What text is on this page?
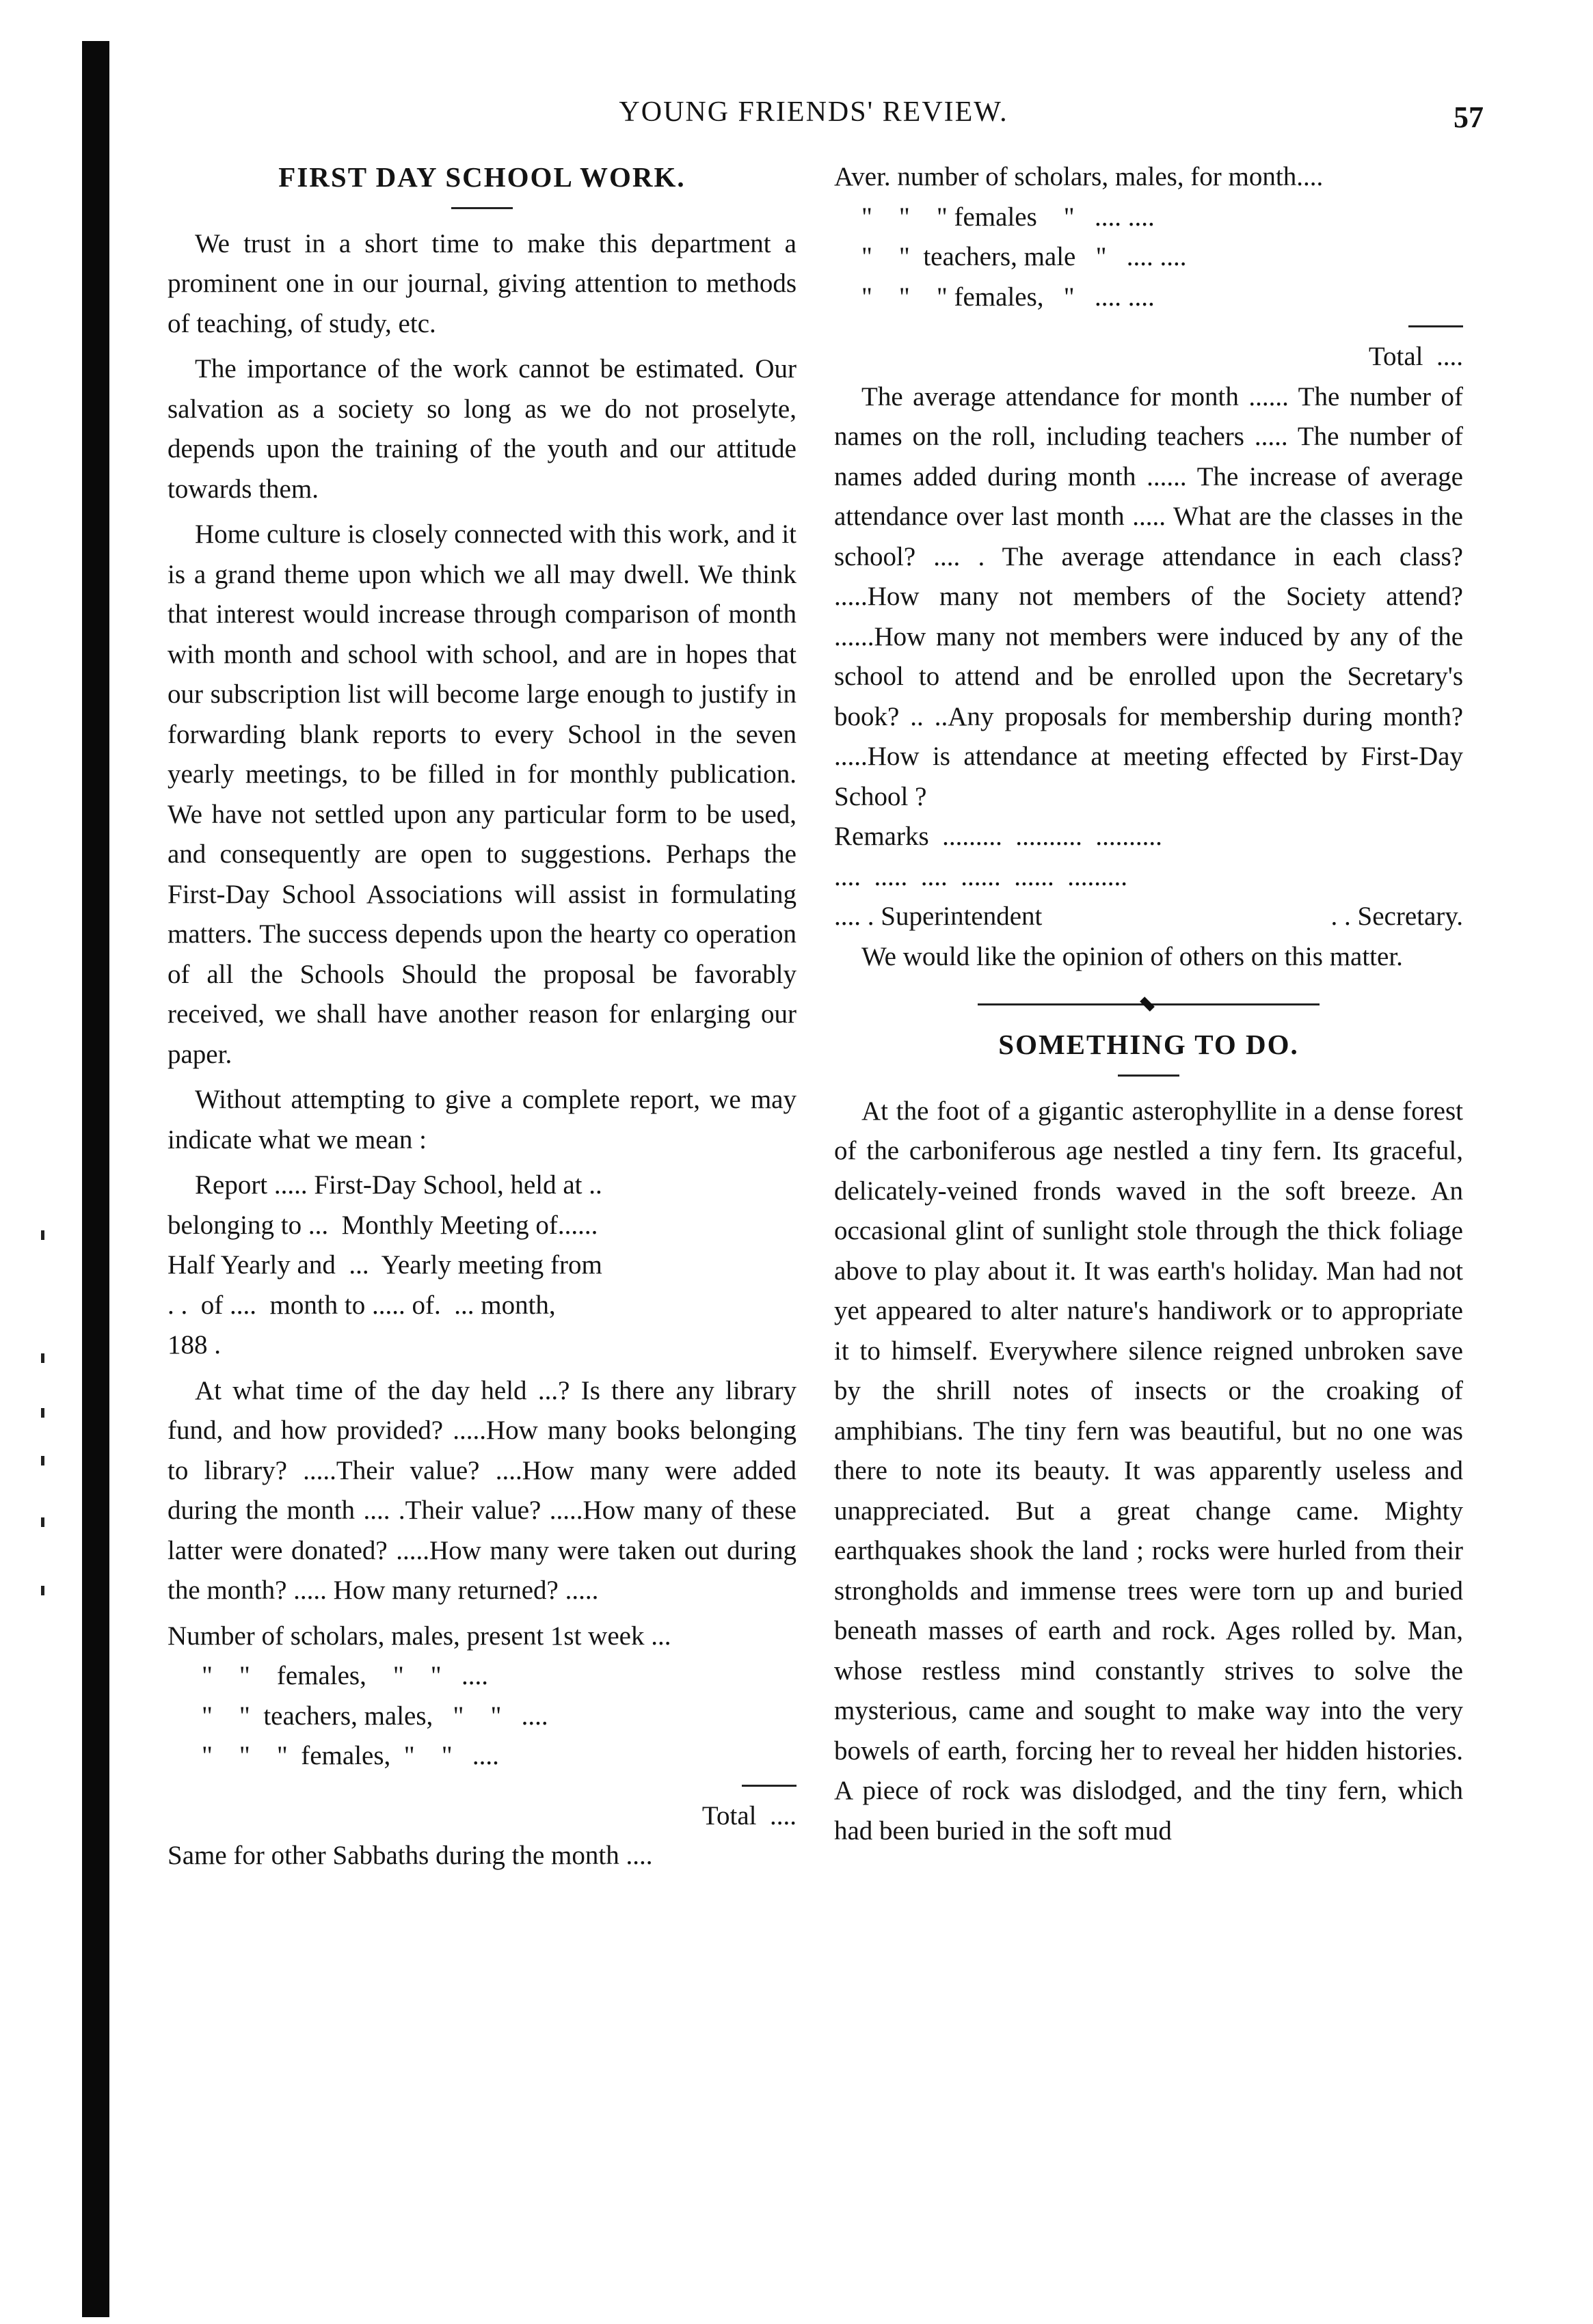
YOUNG FRIENDS' REVIEW.	57
FIRST DAY SCHOOL WORK.

We trust in a short time to make this department a prominent one in our journal, giving attention to methods of teaching, of study, etc.

The importance of the work cannot be estimated. Our salvation as a society so long as we do not proselyte, depends upon the training of the youth and our attitude towards them.

Home culture is closely connected with this work, and it is a grand theme upon which we all may dwell. We think that interest would increase through comparison of month with month and school with school, and are in hopes that our subscription list will become large enough to justify in forwarding blank reports to every School in the seven yearly meetings, to be filled in for monthly publication. We have not settled upon any particular form to be used, and consequently are open to suggestions. Perhaps the First-Day School Associations will assist in formulating matters. The success depends upon the hearty co operation of all the Schools Should the proposal be favorably received, we shall have another reason for enlarging our paper.

Without attempting to give a complete report, we may indicate what we mean :

Report ..... First-Day School, held at ..
belonging to ...  Monthly Meeting of......
Half Yearly and  ...  Yearly meeting from
. .  of ....  month to ..... of.  ... month,
188 .

At what time of the day held ...? Is there any library fund, and how provided? .....How many books belonging to library? .....Their value? ....How many were added during the month .... .Their value? .....How many of these latter were donated? .....How many were taken out during the month? ..... How many returned? .....

Number of scholars, males, present 1st week ...
"    "    females,    "    "   ....
"    "  teachers, males,   "    "   ....
"    "    "  females,  "    "   ....
Total  ....
Same for other Sabbaths during the month ....
Aver. number of scholars, males, for month....
"    "    " females    "   .... ....
"    "  teachers, male   "   .... ....
"    "    " females,   "   .... ....
Total  ....

The average attendance for month ...... The number of names on the roll, including teachers ..... The number of names added during month ...... The increase of average attendance over last month ..... What are the classes in the school? .... . The average attendance in each class? .....How many not members of the Society attend? ......How many not members were induced by any of the school to attend and be enrolled upon the Secretary's book? .. ..Any proposals for membership during month? .....How is attendance at meeting effected by First-Day School ?

Remarks  .........  ..........  ..........
....  .....  ....  ......  ......  .........
.... . Superintendent	. . Secretary.

We would like the opinion of others on this matter.

SOMETHING TO DO.

At the foot of a gigantic asterophyllite in a dense forest of the carboniferous age nestled a tiny fern. Its graceful, delicately-veined fronds waved in the soft breeze. An occasional glint of sunlight stole through the thick foliage above to play about it. It was earth's holiday. Man had not yet appeared to alter nature's handiwork or to appropriate it to himself. Everywhere silence reigned unbroken save by the shrill notes of insects or the croaking of amphibians. The tiny fern was beautiful, but no one was there to note its beauty. It was apparently useless and unappreciated. But a great change came. Mighty earthquakes shook the land ; rocks were hurled from their strongholds and immense trees were torn up and buried beneath masses of earth and rock. Ages rolled by. Man, whose restless mind constantly strives to solve the mysterious, came and sought to make way into the very bowels of earth, forcing her to reveal her hidden histories. A piece of rock was dislodged, and the tiny fern, which had been buried in the soft mud
